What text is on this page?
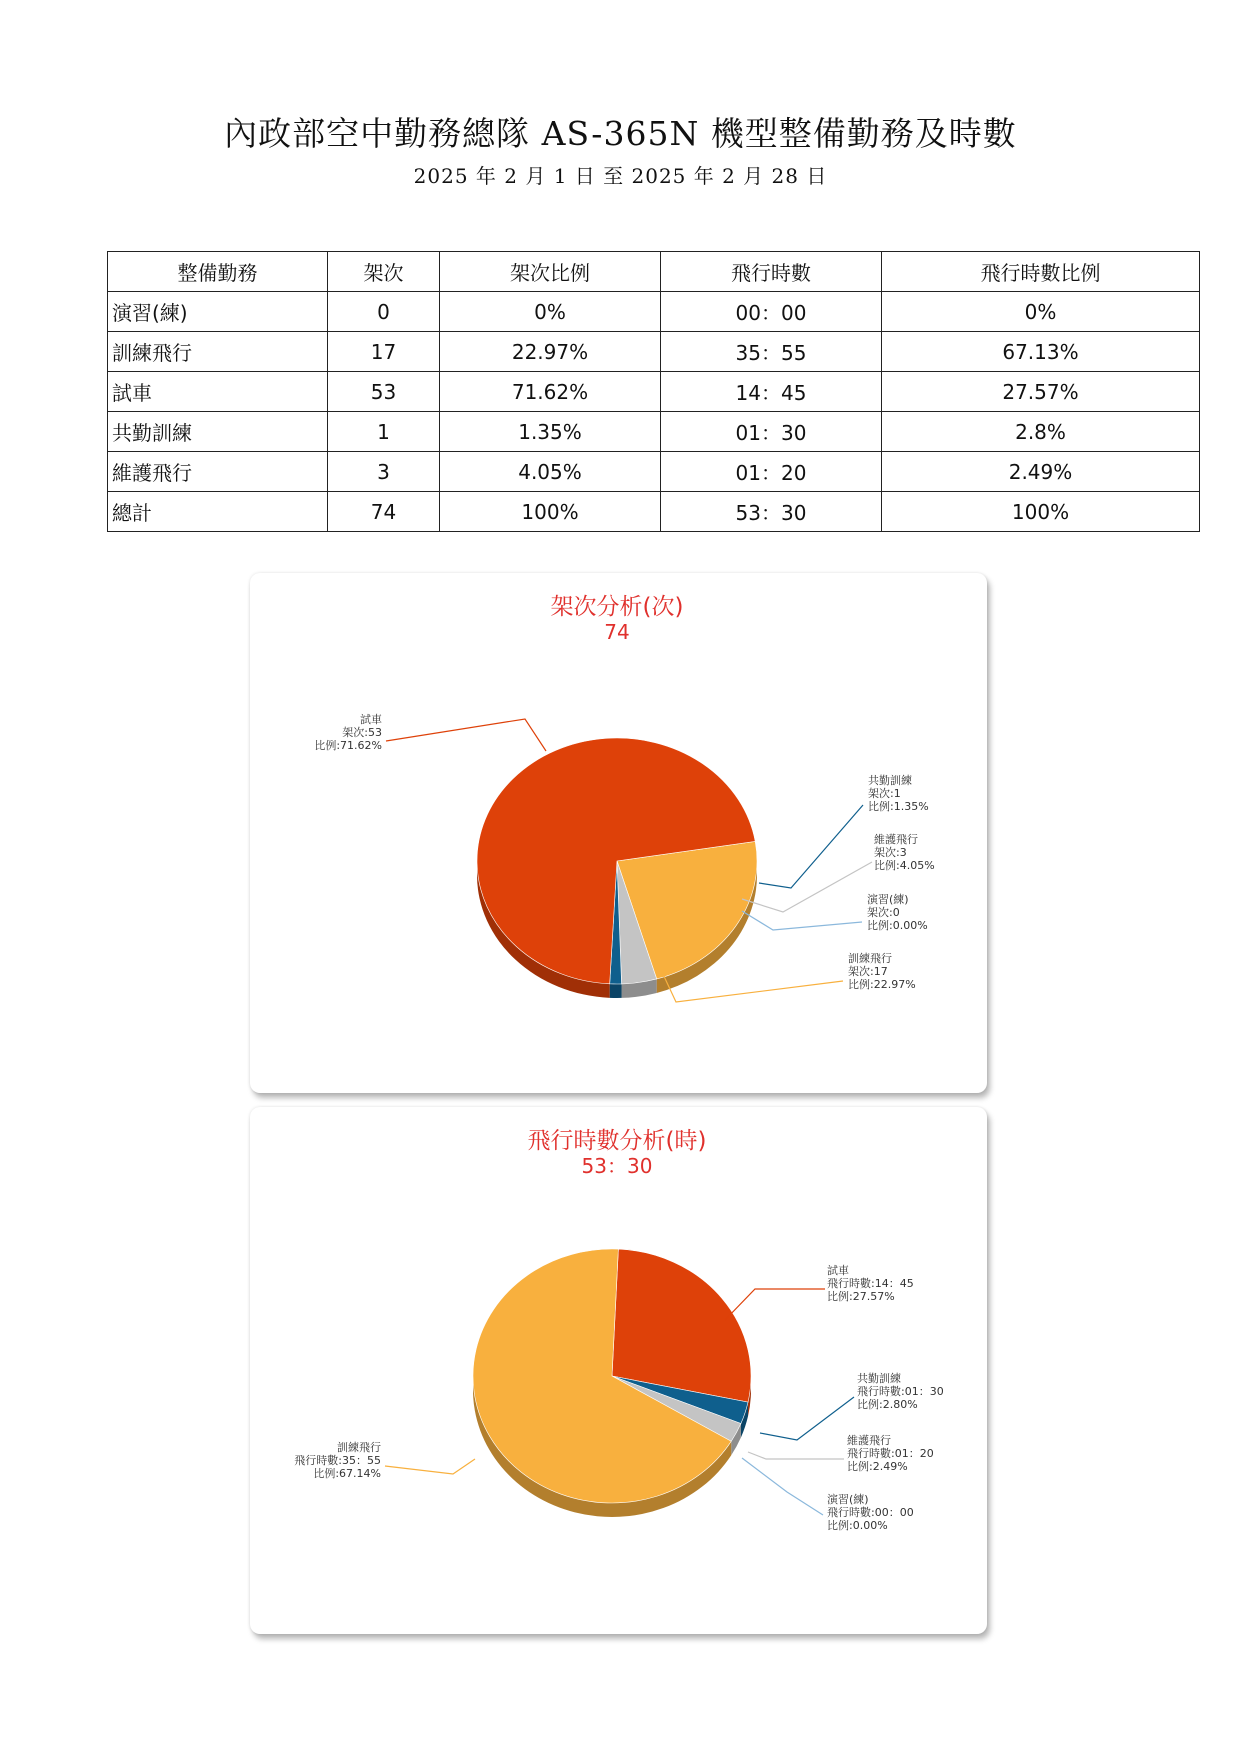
內政部空中勤務總隊 AS-365N 機型整備勤務及時數
2025 年 2 月 1 日 至 2025 年 2 月 28 日
整備勤務	架次	架次比例	飛行時數	飛行時數比例
演習(練)	0	0%	00：00	0%
訓練飛行	17	22.97%	35：55	67.13%
試車	53	71.62%	14：45	27.57%
共勤訓練	1	1.35%	01：30	2.8%
維護飛行	3	4.05%	01：20	2.49%
總計	74	100%	53：30	100%
架次分析(次)
74
試車
架次:53
比例:71.62%
共勤訓練
架次:1
比例:1.35%
維護飛行
架次:3
比例:4.05%
演習(練)
架次:0
比例:0.00%
訓練飛行
架次:17
比例:22.97%
飛行時數分析(時)
53：30
試車
飛行時數:14：45
比例:27.57%
共勤訓練
飛行時數:01：30
比例:2.80%
維護飛行
飛行時數:01：20
比例:2.49%
演習(練)
飛行時數:00：00
比例:0.00%
訓練飛行
飛行時數:35：55
比例:67.14%
